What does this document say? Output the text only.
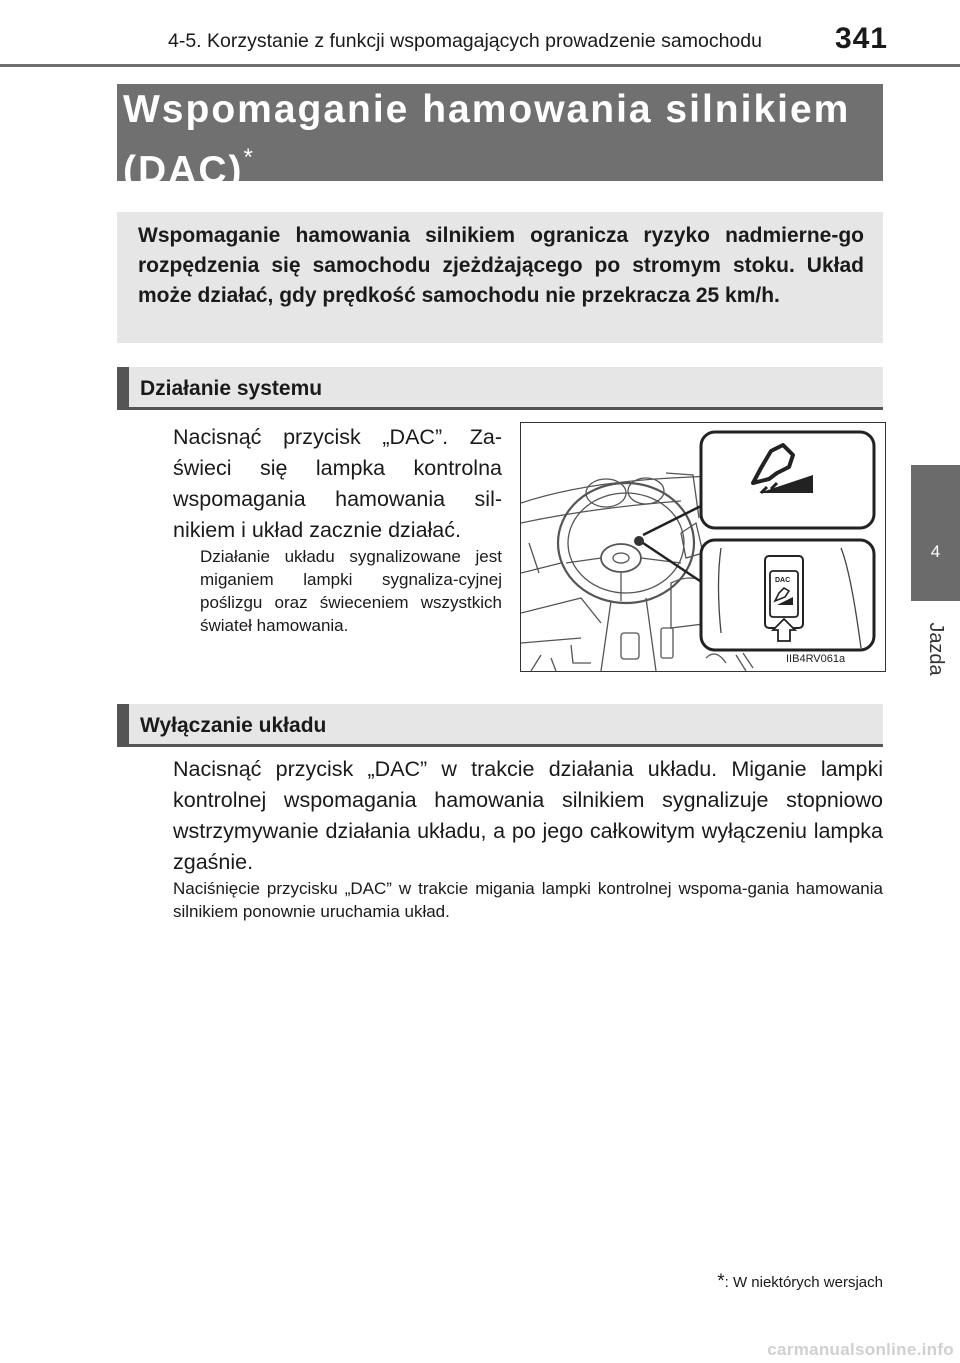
4-5. Korzystanie z funkcji wspomagających prowadzenie samochodu 341
4
Jazda
Wspomaganie hamowania silnikiem
(DAC)*
Wspomaganie hamowania silnikiem ogranicza ryzyko nadmierne-go rozpędzenia się samochodu zjeżdżającego po stromym stoku. Układ może działać, gdy prędkość samochodu nie przekracza 25 km/h.
Działanie systemu
Nacisnąć przycisk „DAC”. Za-świeci się lampka kontrolna wspomagania hamowania sil-nikiem i układ zacznie działać.
Działanie układu sygnalizowane jest miganiem lampki sygnaliza-cyjnej poślizgu oraz świeceniem wszystkich świateł hamowania.
DAC
IIB4RV061a
Wyłączanie układu
Nacisnąć przycisk „DAC” w trakcie działania układu. Miganie lampki kontrolnej wspomagania hamowania silnikiem sygnalizuje stopniowo wstrzymywanie działania układu, a po jego całkowitym wyłączeniu lampka zgaśnie.
Naciśnięcie przycisku „DAC” w trakcie migania lampki kontrolnej wspoma-gania hamowania silnikiem ponownie uruchamia układ.
*: W niektórych wersjach
carmanualsonline.info
